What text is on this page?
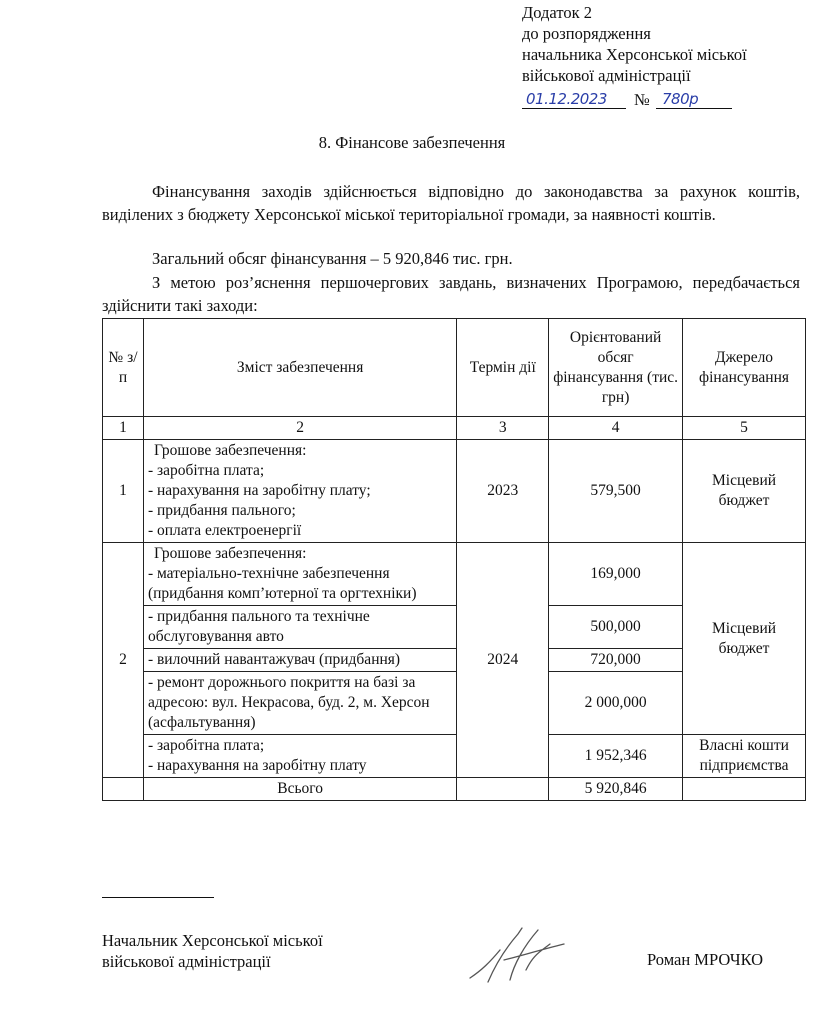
Додаток 2
до розпорядження
начальника Херсонської міської
військової адміністрації
01.12.2023 № 780р
8. Фінансове забезпечення
Фінансування заходів здійснюється відповідно до законодавства за рахунок коштів, виділених з бюджету Херсонської міської територіальної громади, за наявності коштів.
Загальний обсяг фінансування – 5 920,846 тис. грн.
З метою роз’яснення першочергових завдань, визначених Програмою, передбачається здійснити такі заходи:
№ з/п	Зміст забезпечення	Термін дії	Орієнтований обсяг фінансування (тис. грн)	Джерело фінансування
1	2	3	4	5
1	Грошове забезпечення:
- заробітна плата;
- нарахування на заробітну плату;
- придбання пального;
- оплата електроенергії	2023	579,500	Місцевий бюджет
2	Грошове забезпечення:
- матеріально-технічне забезпечення (придбання комп’ютерної та оргтехніки)	2024	169,000	Місцевий бюджет
	- придбання пального та технічне обслуговування авто		500,000	
	- вилочний навантажувач (придбання)		720,000	
	- ремонт дорожнього покриття на базі за адресою: вул. Некрасова, буд. 2, м. Херсон (асфальтування)		2 000,000	

	- заробітна плата;
- нарахування на заробітну плату		1 952,346	Власні кошти підприємства
	Всього		5 920,846	
Начальник Херсонської міської
військової адміністрації	Роман МРОЧКО
